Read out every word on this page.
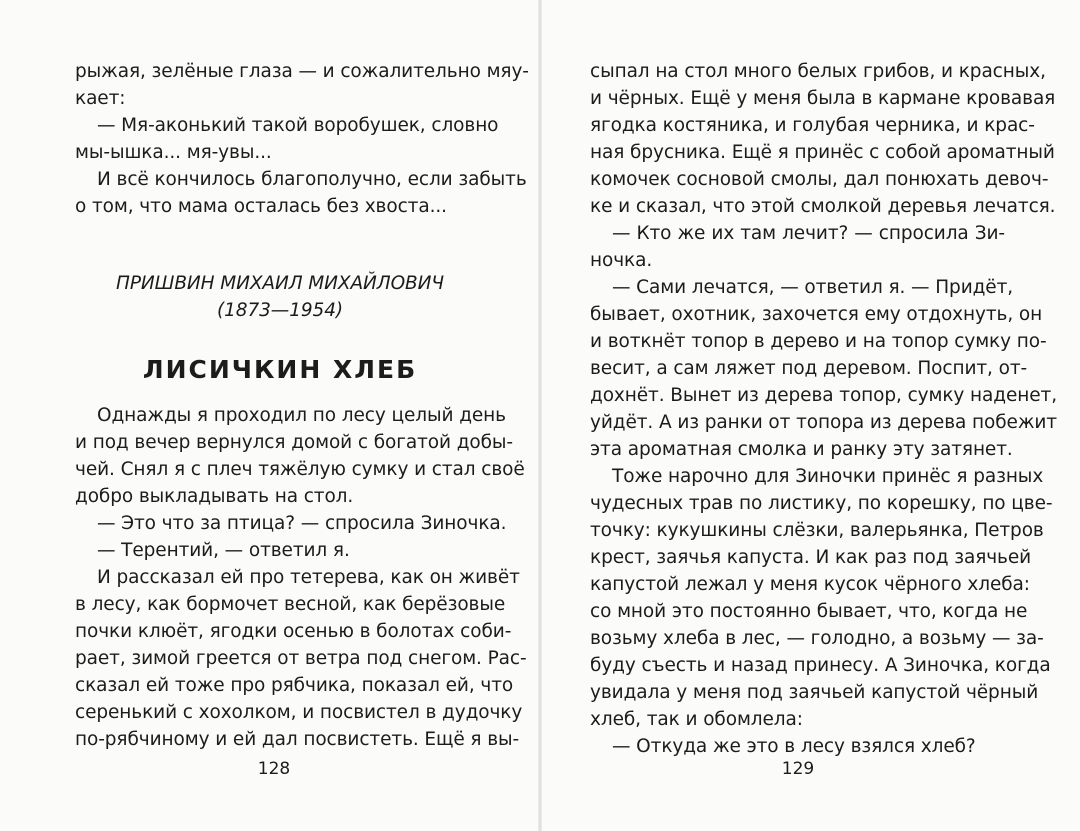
рыжая, зелёные глаза — и сожалительно мяу-
кает:
— Мя-аконький такой воробушек, словно
мы-ышка... мя-увы...
И всё кончилось благополучно, если забыть
о том, что мама осталась без хвоста...
ПРИШВИН МИХАИЛ МИХАЙЛОВИЧ
(1873—1954)
ЛИСИЧКИН ХЛЕБ
Однажды я проходил по лесу целый день
и под вечер вернулся домой с богатой добы-
чей. Снял я с плеч тяжёлую сумку и стал своё
добро выкладывать на стол.
— Это что за птица? — спросила Зиночка.
— Терентий, — ответил я.
И рассказал ей про тетерева, как он живёт
в лесу, как бормочет весной, как берёзовые
почки клюёт, ягодки осенью в болотах соби-
рает, зимой греется от ветра под снегом. Рас-
сказал ей тоже про рябчика, показал ей, что
серенький с хохолком, и посвистел в дудочку
по-рябчиному и ей дал посвистеть. Ещё я вы-
128
сыпал на стол много белых грибов, и красных,
и чёрных. Ещё у меня была в кармане кровавая
ягодка костяника, и голубая черника, и крас-
ная брусника. Ещё я принёс с собой ароматный
комочек сосновой смолы, дал понюхать девоч-
ке и сказал, что этой смолкой деревья лечатся.
— Кто же их там лечит? — спросила Зи-
ночка.
— Сами лечатся, — ответил я. — Придёт,
бывает, охотник, захочется ему отдохнуть, он
и воткнёт топор в дерево и на топор сумку по-
весит, а сам ляжет под деревом. Поспит, от-
дохнёт. Вынет из дерева топор, сумку наденет,
уйдёт. А из ранки от топора из дерева побежит
эта ароматная смолка и ранку эту затянет.
Тоже нарочно для Зиночки принёс я разных
чудесных трав по листику, по корешку, по цве-
точку: кукушкины слёзки, валерьянка, Петров
крест, заячья капуста. И как раз под заячьей
капустой лежал у меня кусок чёрного хлеба:
со мной это постоянно бывает, что, когда не
возьму хлеба в лес, — голодно, а возьму — за-
буду съесть и назад принесу. А Зиночка, когда
увидала у меня под заячьей капустой чёрный
хлеб, так и обомлела:
— Откуда же это в лесу взялся хлеб?
129
